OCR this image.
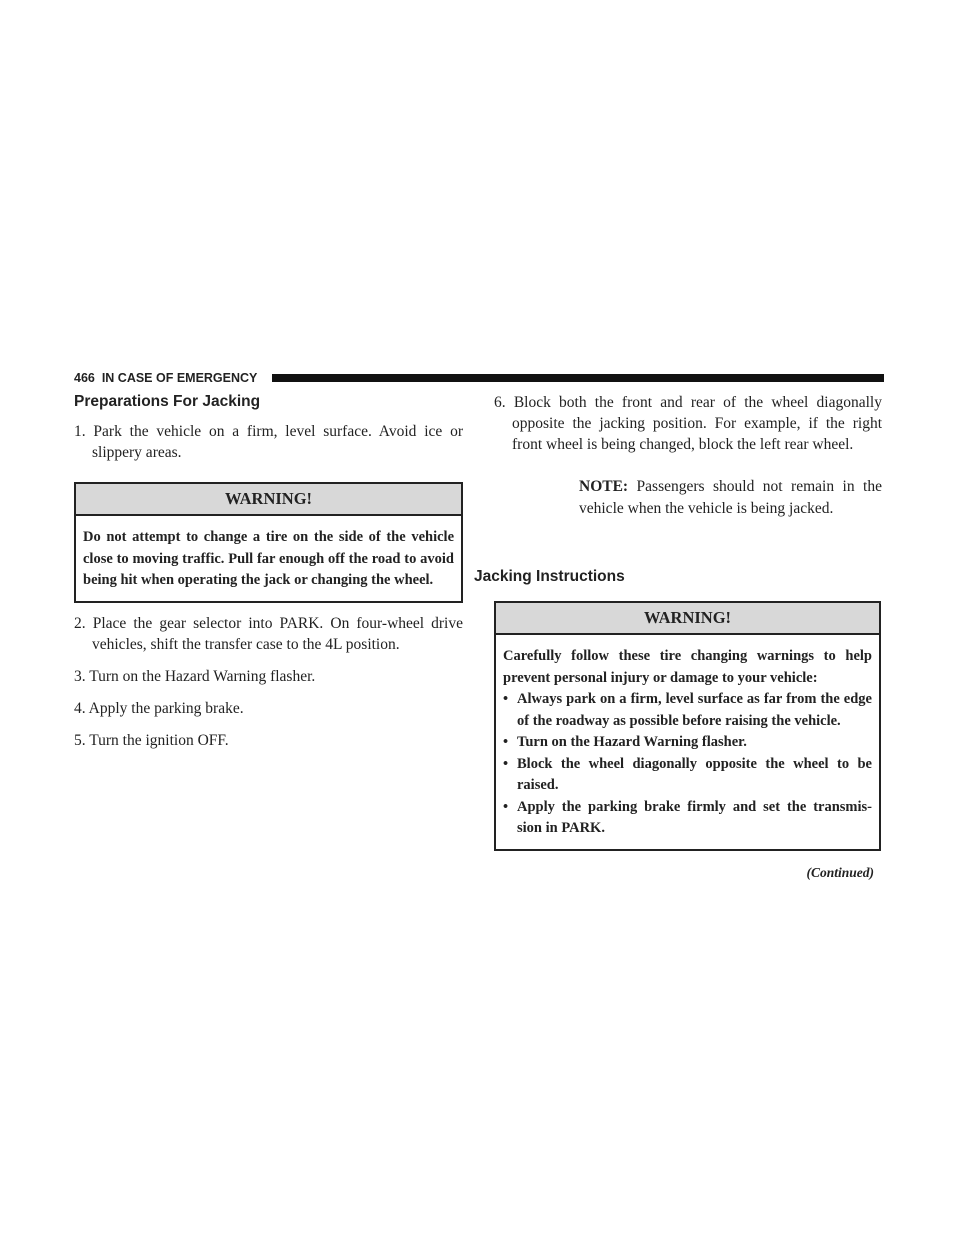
466 IN CASE OF EMERGENCY
Preparations For Jacking

1. Park the vehicle on a firm, level surface. Avoid ice or slippery areas.

WARNING!

Do not attempt to change a tire on the side of the vehicle close to moving traffic. Pull far enough off the road to avoid being hit when operating the jack or changing the wheel.

2. Place the gear selector into PARK. On four-wheel drive vehicles, shift the transfer case to the 4L position.

3. Turn on the Hazard Warning flasher.

4. Apply the parking brake.

5. Turn the ignition OFF.

6. Block both the front and rear of the wheel diagonally opposite the jacking position. For example, if the right front wheel is being changed, block the left rear wheel.

NOTE: Passengers should not remain in the vehicle when the vehicle is being jacked.
Jacking Instructions
WARNING!

Carefully follow these tire changing warnings to help prevent personal injury or damage to your vehicle:

• Always park on a firm, level surface as far from the edge of the roadway as possible before raising the vehicle.
• Turn on the Hazard Warning flasher.
• Block the wheel diagonally opposite the wheel to be raised.
• Apply the parking brake firmly and set the transmis- sion in PARK.
(Continued)
